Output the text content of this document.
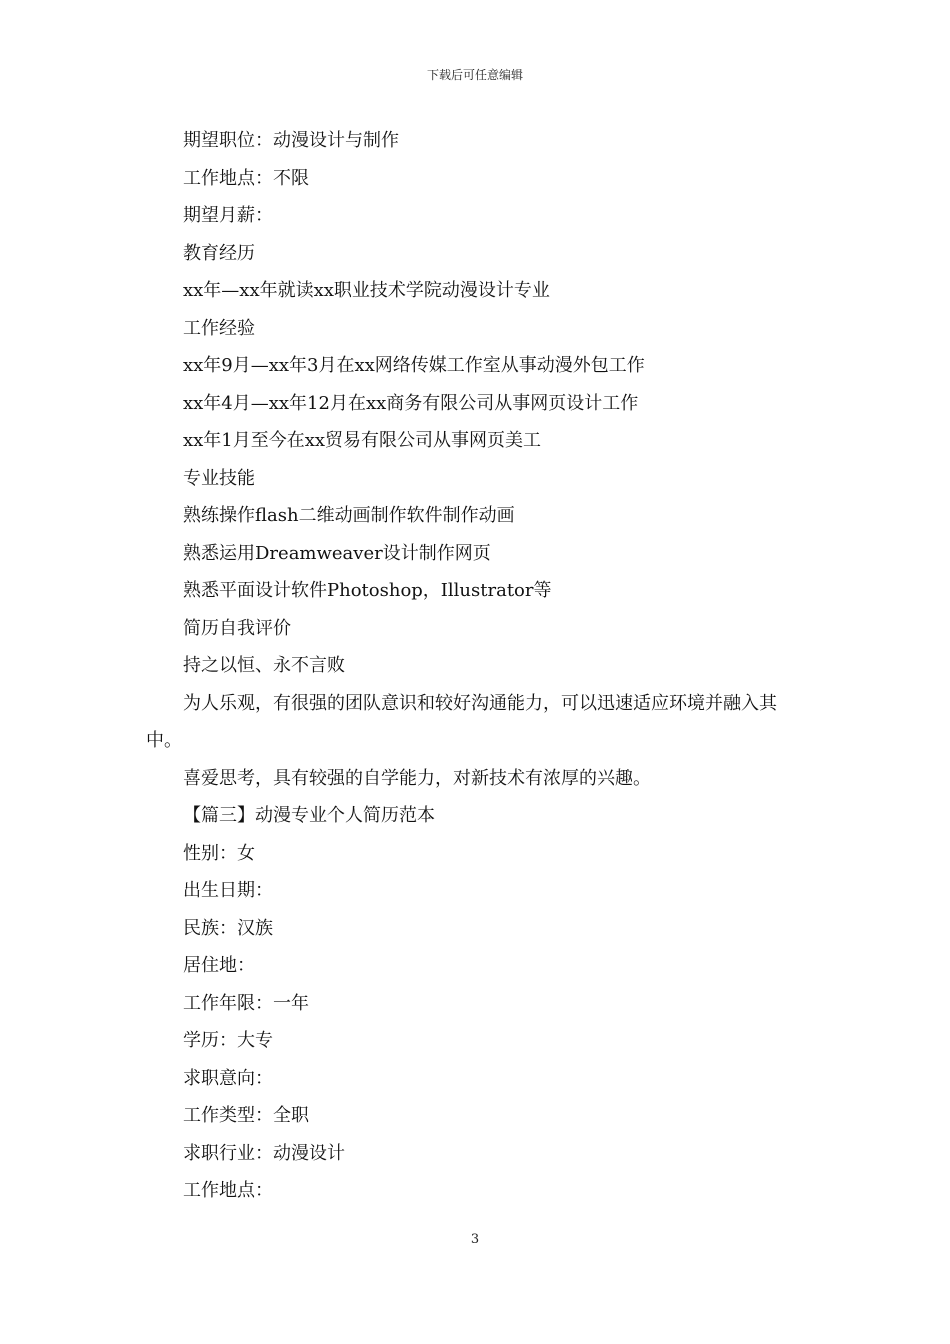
下载后可任意编辑

期望职位：动漫设计与制作

工作地点：不限

期望月薪：

教育经历

xx年—xx年就读xx职业技术学院动漫设计专业

工作经验

xx年9月—xx年3月在xx网络传媒工作室从事动漫外包工作

xx年4月—xx年12月在xx商务有限公司从事网页设计工作

xx年1月至今在xx贸易有限公司从事网页美工

专业技能

熟练操作flash二维动画制作软件制作动画

熟悉运用Dreamweaver设计制作网页

熟悉平面设计软件Photoshop，Illustrator等

简历自我评价

持之以恒、永不言败

为人乐观，有很强的团队意识和较好沟通能力，可以迅速适应环境并融入其中。

喜爱思考，具有较强的自学能力，对新技术有浓厚的兴趣。

【篇三】动漫专业个人简历范本

性别：女

出生日期：

民族：汉族

居住地：

工作年限：一年

学历：大专

求职意向：

工作类型：全职

求职行业：动漫设计

工作地点：

3
